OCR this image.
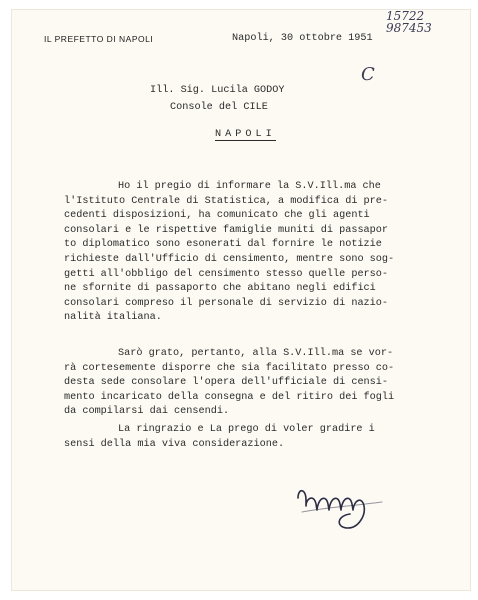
IL PREFETTO DI NAPOLI	Napoli, 30 ottobre 1951
15722
987453
C
Ill. Sig. Lucila GODOY
Console del CILE
NAPOLI
Ho il pregio di informare la S.V.Ill.ma che
l'Istituto Centrale di Statistica, a modifica di pre-
cedenti disposizioni, ha comunicato che gli agenti
consolari e le rispettive famiglie muniti di passapor
to diplomatico sono esonerati dal fornire le notizie
richieste dall'Ufficio di censimento, mentre sono sog-
getti all'obbligo del censimento stesso quelle perso-
ne sfornite di passaporto che abitano negli edifici
consolari compreso il personale di servizio di nazio-
nalità italiana.
Sarò grato, pertanto, alla S.V.Ill.ma se vor-
rà cortesemente disporre che sia facilitato presso co-
desta sede consolare l'opera dell'ufficiale di censi-
mento incaricato della consegna e del ritiro dei fogli
da compilarsi dai censendi.
La ringrazio e La prego di voler gradire i
sensi della mia viva considerazione.
